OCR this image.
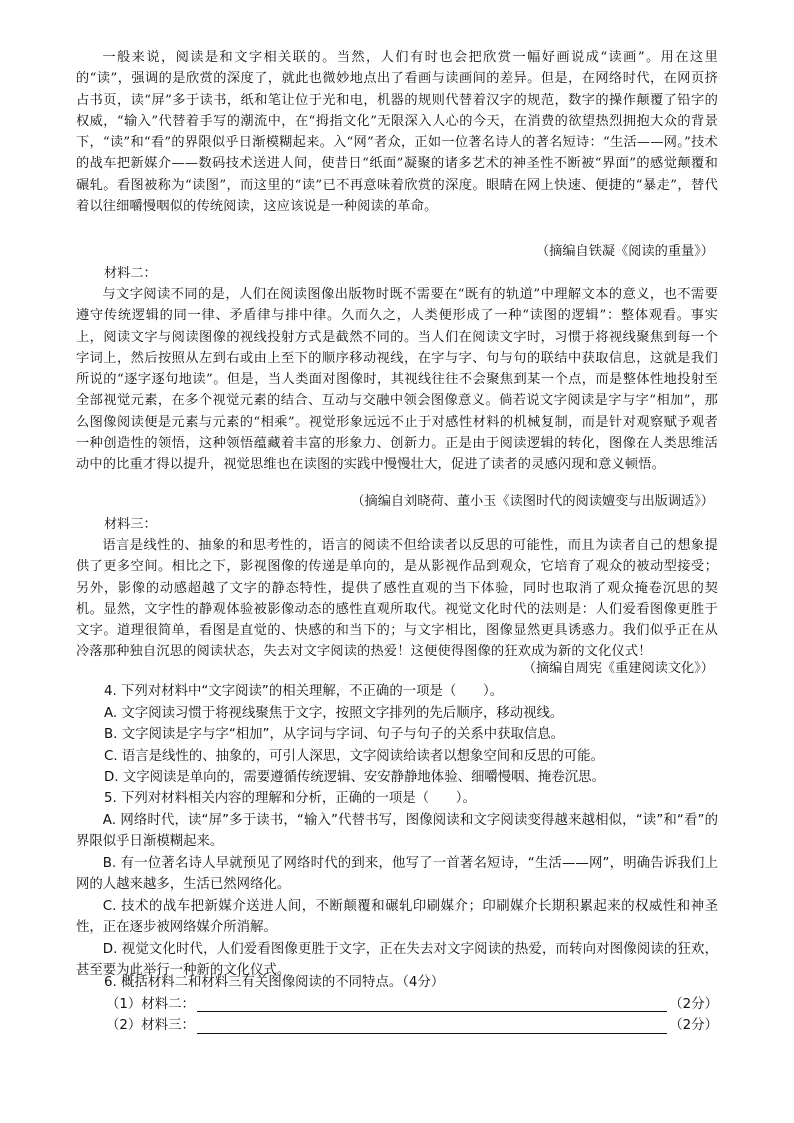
一般来说，阅读是和文字相关联的。当然，人们有时也会把欣赏一幅好画说成“读画”。用在这里的“读”，强调的是欣赏的深度了，就此也微妙地点出了看画与读画间的差异。但是，在网络时代，在网页挤占书页，读“屏”多于读书，纸和笔让位于光和电，机器的规则代替着汉字的规范，数字的操作颠覆了铅字的权威，“输入”代替着手写的潮流中，在“拇指文化”无限深入人心的今天，在消费的欲望热烈拥抱大众的背景下，“读”和“看”的界限似乎日渐模糊起来。入“网”者众，正如一位著名诗人的著名短诗：“生活——网。”技术的战车把新媒介——数码技术送进人间，使昔日“纸面”凝聚的诸多艺术的神圣性不断被“界面”的感觉颠覆和碾轧。看图被称为“读图”，而这里的“读”已不再意味着欣赏的深度。眼睛在网上快速、便捷的“暴走”，替代着以往细嚼慢咽似的传统阅读，这应该说是一种阅读的革命。

（摘编自铁凝《阅读的重量》）
材料二：

与文字阅读不同的是，人们在阅读图像出版物时既不需要在“既有的轨道”中理解文本的意义，也不需要遵守传统逻辑的同一律、矛盾律与排中律。久而久之，人类便形成了一种“读图的逻辑”：整体观看。事实上，阅读文字与阅读图像的视线投射方式是截然不同的。当人们在阅读文字时，习惯于将视线聚焦到每一个字词上，然后按照从左到右或由上至下的顺序移动视线，在字与字、句与句的联结中获取信息，这就是我们所说的“逐字逐句地读”。但是，当人类面对图像时，其视线往往不会聚焦到某一个点，而是整体性地投射至全部视觉元素，在多个视觉元素的结合、互动与交融中领会图像意义。倘若说文字阅读是字与字“相加”，那么图像阅读便是元素与元素的“相乘”。视觉形象远远不止于对感性材料的机械复制，而是针对观察赋予观者一种创造性的领悟，这种领悟蕴藏着丰富的形象力、创新力。正是由于阅读逻辑的转化，图像在人类思维活动中的比重才得以提升，视觉思维也在读图的实践中慢慢壮大，促进了读者的灵感闪现和意义顿悟。

（摘编自刘晓荷、董小玉《读图时代的阅读嬗变与出版调适》）
材料三：

语言是线性的、抽象的和思考性的，语言的阅读不但给读者以反思的可能性，而且为读者自己的想象提供了更多空间。相比之下，影视图像的传递是单向的，是从影视作品到观众，它培育了观众的被动型接受；另外，影像的动感超越了文字的静态特性，提供了感性直观的当下体验，同时也取消了观众掩卷沉思的契机。显然，文字性的静观体验被影像动态的感性直观所取代。视觉文化时代的法则是：人们爱看图像更胜于文字。道理很简单，看图是直觉的、快感的和当下的；与文字相比，图像显然更具诱惑力。我们似乎正在从冷落那种独自沉思的阅读状态，失去对文字阅读的热爱！这便使得图像的狂欢成为新的文化仪式！

（摘编自周宪《重建阅读文化》）
4. 下列对材料中“文字阅读”的相关理解，不正确的一项是（　　）。
A. 文字阅读习惯于将视线聚焦于文字，按照文字排列的先后顺序，移动视线。
B. 文字阅读是字与字“相加”，从字词与字词、句子与句子的关系中获取信息。
C. 语言是线性的、抽象的，可引人深思，文字阅读给读者以想象空间和反思的可能。
D. 文字阅读是单向的，需要遵循传统逻辑、安安静静地体验、细嚼慢咽、掩卷沉思。
5. 下列对材料相关内容的理解和分析，正确的一项是（　　）。
A. 网络时代，读“屏”多于读书，“输入”代替书写，图像阅读和文字阅读变得越来越相似，“读”和“看”的界限似乎日渐模糊起来。
B. 有一位著名诗人早就预见了网络时代的到来，他写了一首著名短诗，“生活——网”，明确告诉我们上网的人越来越多，生活已然网络化。
C. 技术的战车把新媒介送进人间，不断颠覆和碾轧印刷媒介；印刷媒介长期积累起来的权威性和神圣性，正在逐步被网络媒介所消解。
D. 视觉文化时代，人们爱看图像更胜于文字，正在失去对文字阅读的热爱，而转向对图像阅读的狂欢，甚至要为此举行一种新的文化仪式。
6. 概括材料二和材料三有关图像阅读的不同特点。（4分）
（1）材料二：	（2分）
（2）材料三：	（2分）
